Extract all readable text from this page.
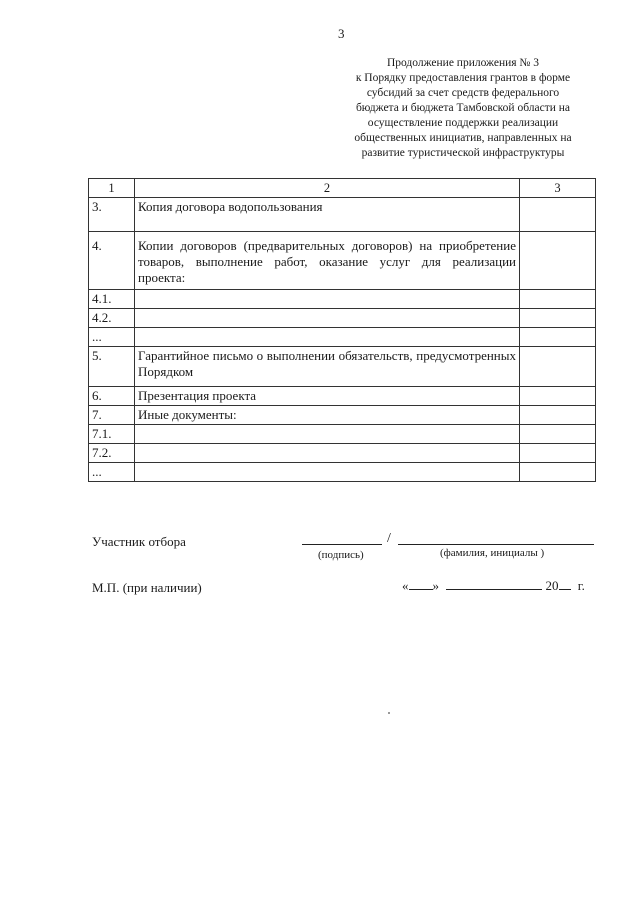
3
Продолжение приложения № 3
к Порядку предоставления грантов в форме
субсидий за счет средств федерального
бюджета и бюджета Тамбовской области на
осуществление поддержки реализации
общественных инициатив, направленных на
развитие туристической инфраструктуры
1	2	3
3.	Копия договора водопользования	
4.	Копии договоров (предварительных договоров) на приобретение товаров, выполнение работ, оказание услуг для реализации проекта:	
4.1.		
4.2.		
...		
5.	Гарантийное письмо о выполнении обязательств, предусмотренных Порядком	
6.	Презентация проекта	
7.	Иные документы:	
7.1.		
7.2.		
...		
Участник отбора	/
(подпись)	(фамилия, инициалы )
М.П. (при наличии)	« »	20 г.
